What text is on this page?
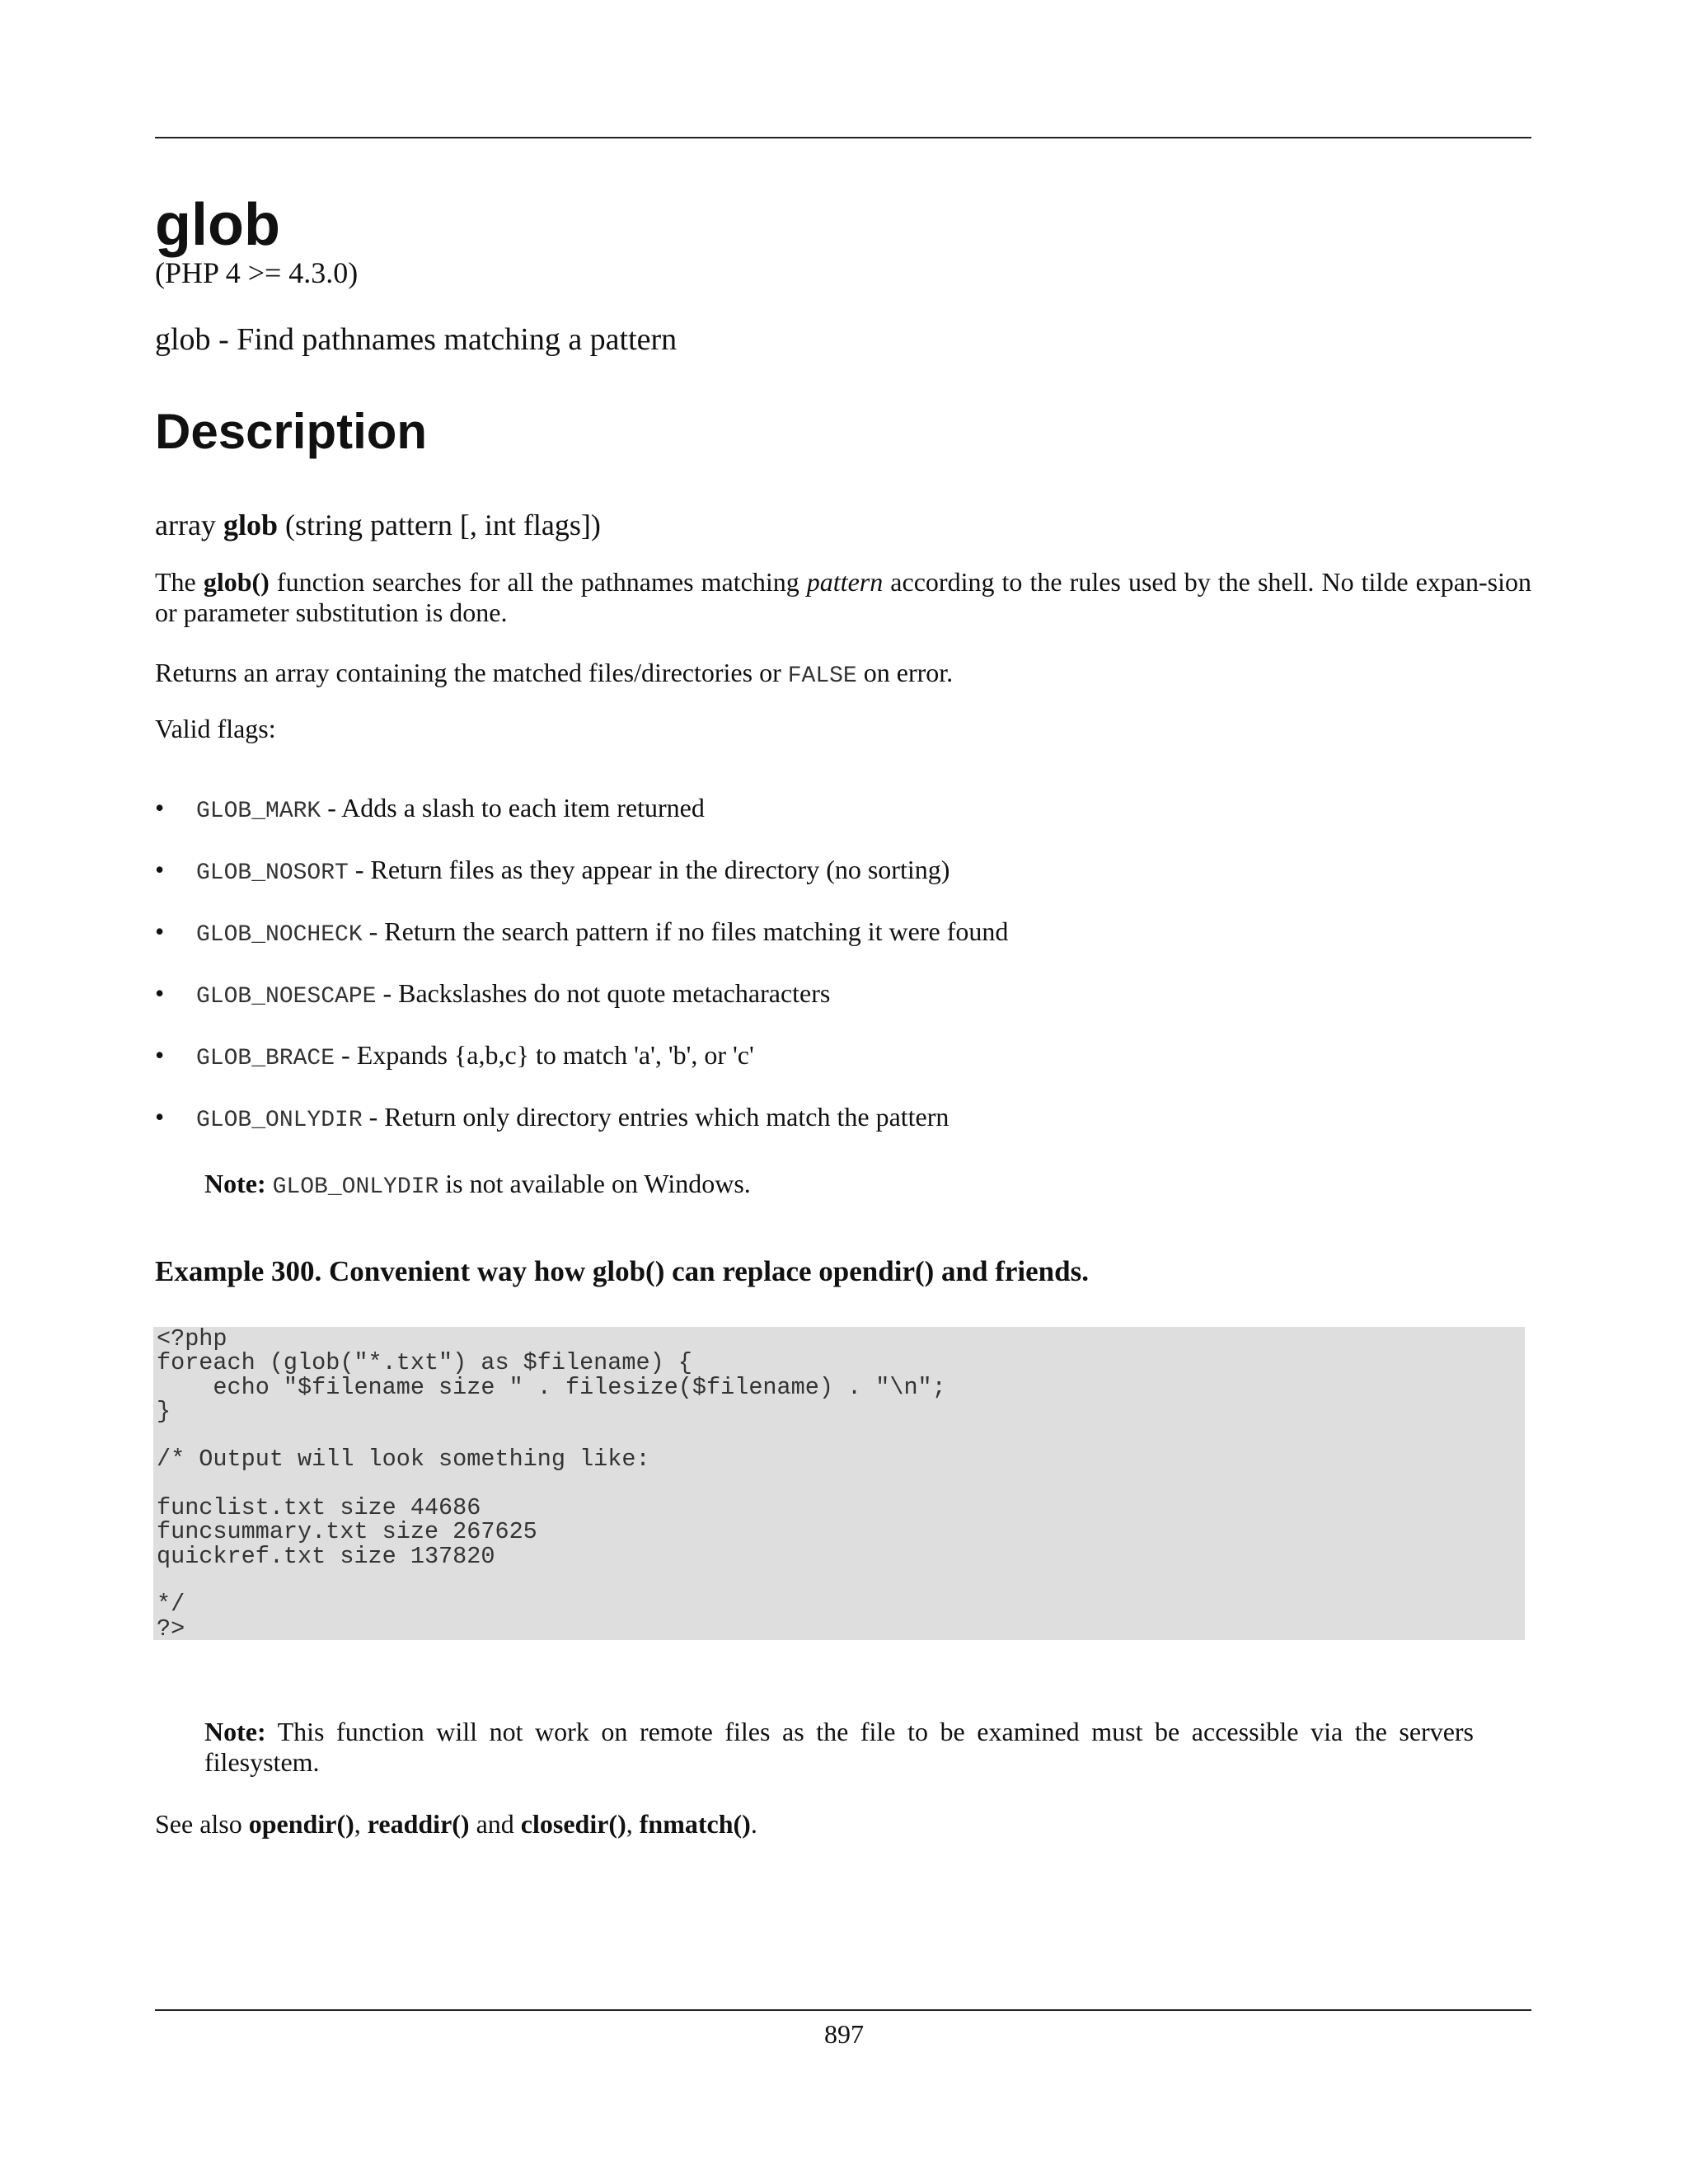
glob
(PHP 4 >= 4.3.0)
glob - Find pathnames matching a pattern
Description
array glob (string pattern [, int flags])

The glob() function searches for all the pathnames matching pattern according to the rules used by the shell. No tilde expan-sion or parameter substitution is done.

Returns an array containing the matched files/directories or FALSE on error.

Valid flags:

• GLOB_MARK - Adds a slash to each item returned
• GLOB_NOSORT - Return files as they appear in the directory (no sorting)
• GLOB_NOCHECK - Return the search pattern if no files matching it were found
• GLOB_NOESCAPE - Backslashes do not quote metacharacters
• GLOB_BRACE - Expands {a,b,c} to match 'a', 'b', or 'c'
• GLOB_ONLYDIR - Return only directory entries which match the pattern

Note: GLOB_ONLYDIR is not available on Windows.

Example 300. Convenient way how glob() can replace opendir() and friends.
<?php
foreach (glob("*.txt") as $filename) {
echo "$filename size " . filesize($filename) . "\n";
}

/* Output will look something like:

funclist.txt size 44686
funcsummary.txt size 267625
quickref.txt size 137820

*/
?>

Note: This function will not work on remote files as the file to be examined must be accessible via the servers filesystem.

See also opendir(), readdir() and closedir(), fnmatch().

897
